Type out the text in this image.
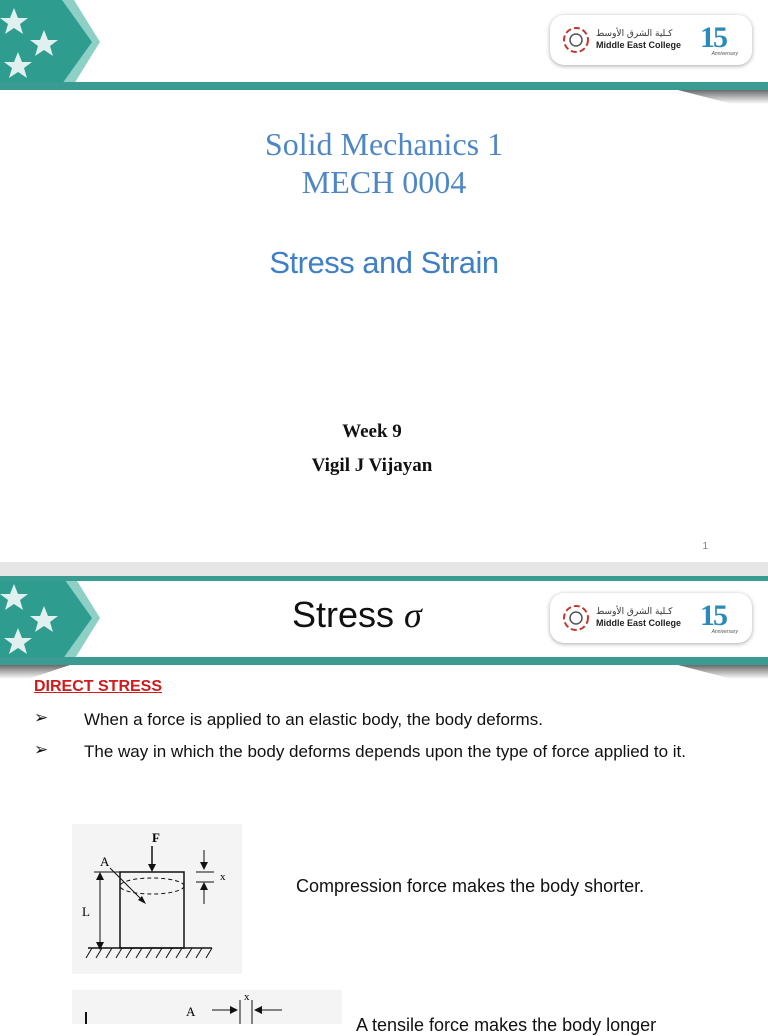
كـلية الشرق الأوسط
Middle East College 15
Anniversary
Solid Mechanics 1
MECH 0004
Stress and Strain
Week 9
Vigil J Vijayan
1
Stress σ	كـلية الشرق الأوسط
Middle East College 15
Anniversary
DIRECT STRESS
➢ When a force is applied to an elastic body, the body deforms.
➢ The way in which the body deforms depends upon the type of force applied to it.
F
A
L
x	Compression force makes the body shorter.
A
x
A tensile force makes the body longer
